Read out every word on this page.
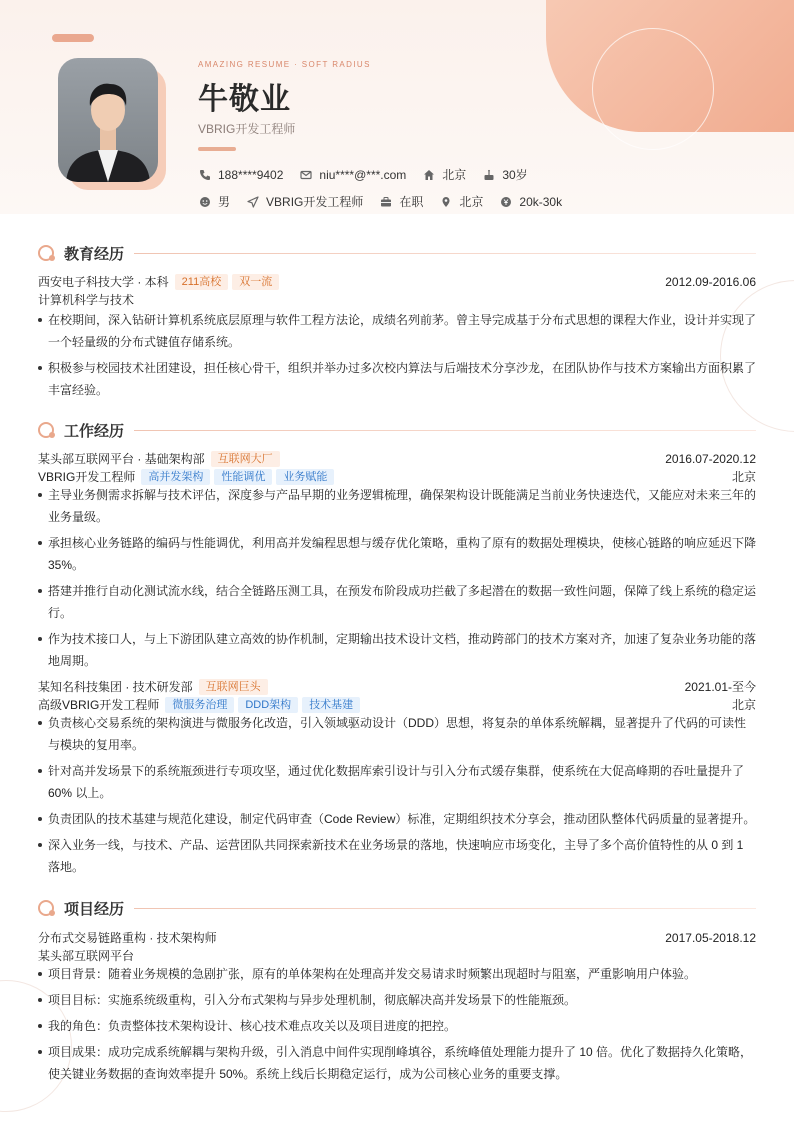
AMAZING RESUME · SOFT RADIUS
牛敬业
VBRIG开发工程师
188****9402	niu****@***.com	北京	30岁
男	VBRIG开发工程师	在职	北京	20k-30k
教育经历
西安电子科技大学 · 本科	211高校	双一流	2012.09-2016.06
计算机科学与技术
在校期间，深入钻研计算机系统底层原理与软件工程方法论，成绩名列前茅。曾主导完成基于分布式思想的课程大作业，设计并实现了一个轻量级的分布式键值存储系统。
积极参与校园技术社团建设，担任核心骨干，组织并举办过多次校内算法与后端技术分享沙龙，在团队协作与技术方案输出方面积累了丰富经验。
工作经历
某头部互联网平台 · 基础架构部	互联网大厂	2016.07-2020.12
VBRIG开发工程师	高并发架构	性能调优	业务赋能	北京
主导业务侧需求拆解与技术评估，深度参与产品早期的业务逻辑梳理，确保架构设计既能满足当前业务快速迭代，又能应对未来三年的业务量级。
承担核心业务链路的编码与性能调优，利用高并发编程思想与缓存优化策略，重构了原有的数据处理模块，使核心链路的响应延迟下降 35%。
搭建并推行自动化测试流水线，结合全链路压测工具，在预发布阶段成功拦截了多起潜在的数据一致性问题，保障了线上系统的稳定运行。
作为技术接口人，与上下游团队建立高效的协作机制，定期输出技术设计文档，推动跨部门的技术方案对齐，加速了复杂业务功能的落地周期。
某知名科技集团 · 技术研发部	互联网巨头	2021.01-至今
高级VBRIG开发工程师	微服务治理	DDD架构	技术基建	北京
负责核心交易系统的架构演进与微服务化改造，引入领域驱动设计（DDD）思想，将复杂的单体系统解耦，显著提升了代码的可读性与模块的复用率。
针对高并发场景下的系统瓶颈进行专项攻坚，通过优化数据库索引设计与引入分布式缓存集群，使系统在大促高峰期的吞吐量提升了 60% 以上。
负责团队的技术基建与规范化建设，制定代码审查（Code Review）标准，定期组织技术分享会，推动团队整体代码质量的显著提升。
深入业务一线，与技术、产品、运营团队共同探索新技术在业务场景的落地，快速响应市场变化，主导了多个高价值特性的从 0 到 1 落地。
项目经历
分布式交易链路重构 · 技术架构师	2017.05-2018.12
某头部互联网平台
项目背景：随着业务规模的急剧扩张，原有的单体架构在处理高并发交易请求时频繁出现超时与阻塞，严重影响用户体验。
项目目标：实施系统级重构，引入分布式架构与异步处理机制，彻底解决高并发场景下的性能瓶颈。
我的角色：负责整体技术架构设计、核心技术难点攻关以及项目进度的把控。
项目成果：成功完成系统解耦与架构升级，引入消息中间件实现削峰填谷，系统峰值处理能力提升了 10 倍。优化了数据持久化策略，使关键业务数据的查询效率提升 50%。系统上线后长期稳定运行，成为公司核心业务的重要支撑。
